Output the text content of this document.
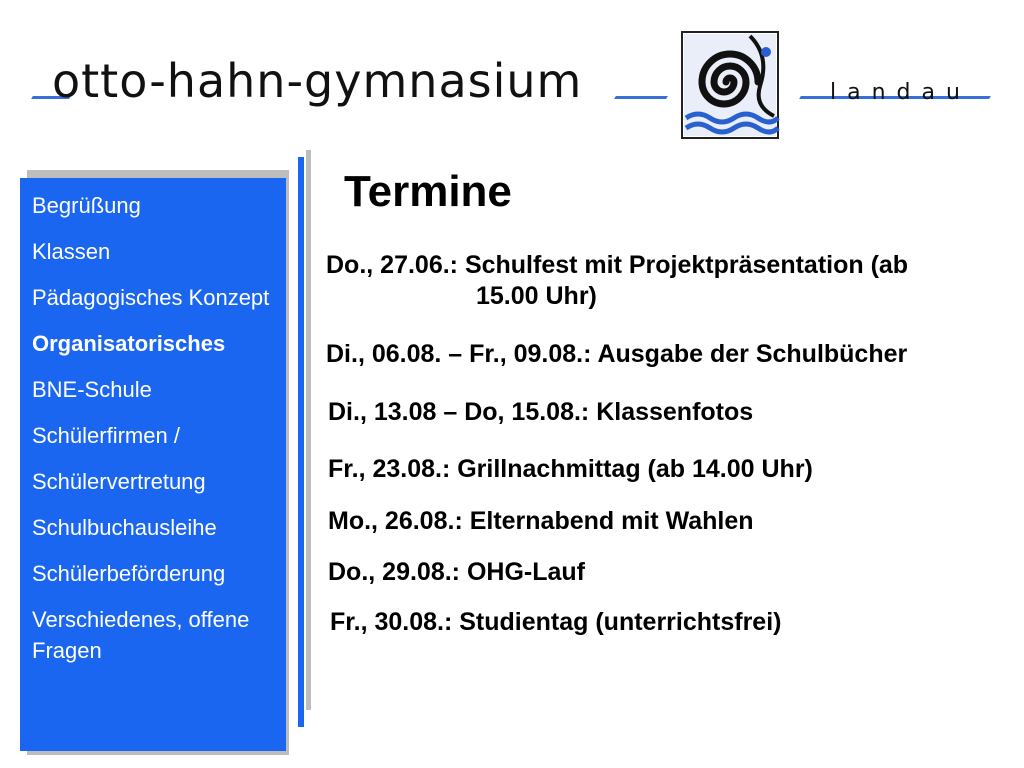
otto-hahn-gymnasium	landau
Begrüßung
Klassen
Pädagogisches Konzept
Organisatorisches
BNE-Schule
Schülerfirmen /
Schülervertretung
Schulbuchausleihe
Schülerbeförderung
Verschiedenes, offene Fragen
Termine
Do., 27.06.: Schulfest mit Projektpräsentation (ab
15.00 Uhr)
Di., 06.08. – Fr., 09.08.: Ausgabe der Schulbücher
Di., 13.08 – Do, 15.08.: Klassenfotos
Fr., 23.08.: Grillnachmittag (ab 14.00 Uhr)
Mo., 26.08.: Elternabend mit Wahlen
Do., 29.08.: OHG-Lauf
Fr., 30.08.: Studientag (unterrichtsfrei)
